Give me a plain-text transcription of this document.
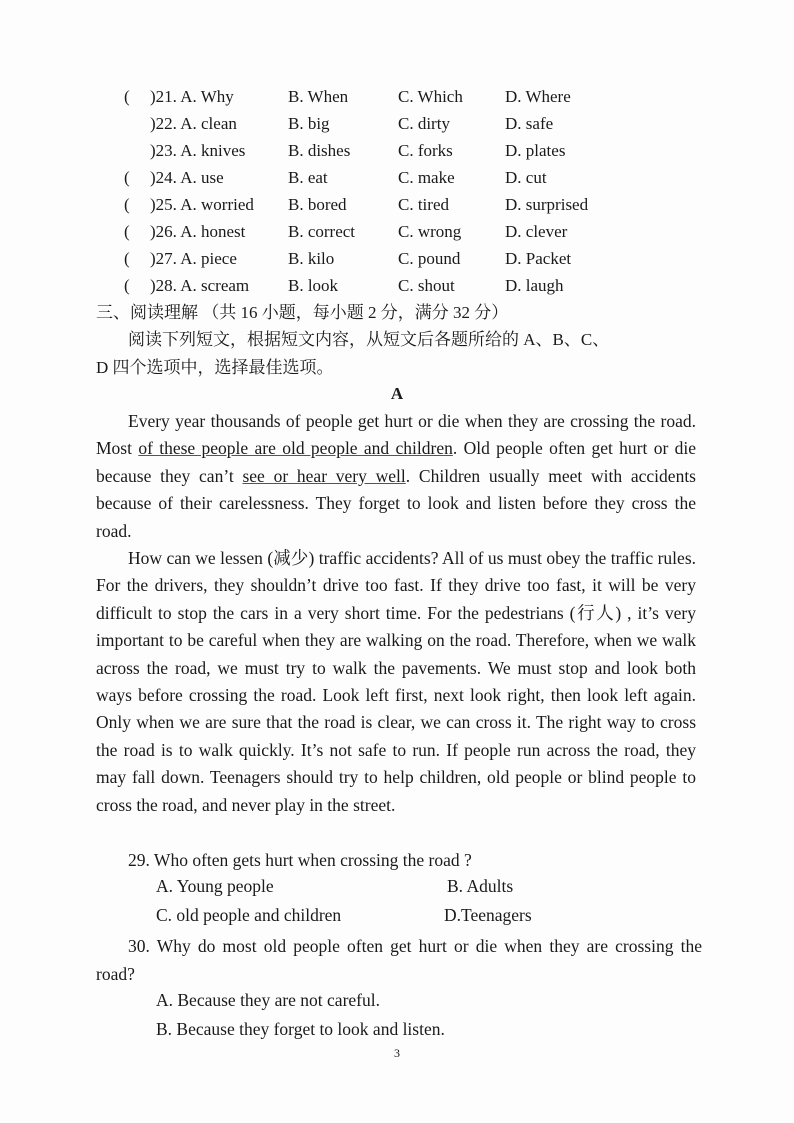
( )21. A. Why	B. When	C. Which D. Where
)22. A. clean	B. big	C. dirty	D. safe
)23. A. knives	B. dishes	C. forks	D. plates
( )24. A. use	B. eat	C. make	D. cut
( )25. A. worried B. bored	C. tired	D. surprised
( )26. A. honest	B. correct	C. wrong	D. clever
( )27. A. piece	B. kilo	C. pound	D. Packet
( )28. A. scream B. look	C. shout	D. laugh
三、阅读理解 （共 16 小题，每小题 2 分，满分 32 分）

阅读下列短文，根据短文内容，从短文后各题所给的 A、B、C、

D 四个选项中，选择最佳选项。

A

Every year thousands of people get hurt or die when they are crossing the road. Most of these people are old people and children. Old people often get hurt or die because they can’t see or hear very well. Children usually meet with accidents because of their carelessness. They forget to look and listen before they cross the road.

How can we lessen (减少) traffic accidents? All of us must obey the traffic rules. For the drivers, they shouldn’t drive too fast. If they drive too fast, it will be very difficult to stop the cars in a very short time. For the pedestrians (行人) , it’s very important to be careful when they are walking on the road. Therefore, when we walk across the road, we must try to walk the pavements. We must stop and look both ways before crossing the road. Look left first, next look right, then look left again. Only when we are sure that the road is clear, we can cross it. The right way to cross the road is to walk quickly. It’s not safe to run. If people run across the road, they may fall down. Teenagers should try to help children, old people or blind people to cross the road, and never play in the street.

29. Who often gets hurt when crossing the road ?
A. Young people	B. Adults
C. old people and children	D.Teenagers
30. Why do most old people often get hurt or die when they are crossing the road?
A. Because they are not careful.
B. Because they forget to look and listen.
3
